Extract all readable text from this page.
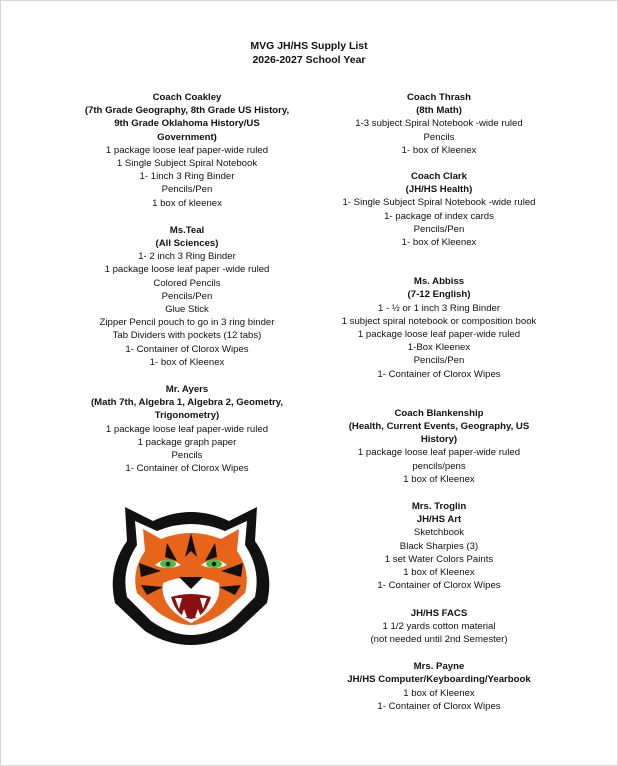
MVG JH/HS Supply List
2026-2027 School Year
Coach Coakley
(7th Grade Geography, 8th Grade US History,
9th Grade Oklahoma History/US
Government)
1 package loose leaf paper-wide ruled
1 Single Subject Spiral Notebook
1- 1inch 3 Ring Binder
Pencils/Pen
1 box of kleenex
Ms.Teal
(All Sciences)
1- 2 inch 3 Ring Binder
1 package loose leaf paper -wide ruled
Colored Pencils
Pencils/Pen
Glue Stick
Zipper Pencil pouch to go in 3 ring binder
Tab Dividers with pockets (12 tabs)
1- Container of Clorox Wipes
1- box of Kleenex
Mr. Ayers
(Math 7th, Algebra 1, Algebra 2, Geometry,
Trigonometry)
1 package loose leaf paper-wide ruled
1 package graph paper
Pencils
1- Container of Clorox Wipes
Coach Thrash
(8th Math)
1-3 subject Spiral Notebook -wide ruled
Pencils
1- box of Kleenex
Coach Clark
(JH/HS Health)
1- Single Subject Spiral Notebook -wide ruled
1- package of index cards
Pencils/Pen
1- box of Kleenex
Ms. Abbiss
(7-12 English)
1 - ½ or 1 inch 3 Ring Binder
1 subject spiral notebook or composition book
1 package loose leaf paper-wide ruled
1-Box Kleenex
Pencils/Pen
1- Container of Clorox Wipes
Coach Blankenship
(Health, Current Events, Geography, US
History)
1 package loose leaf paper-wide ruled
pencils/pens
1 box of Kleenex
Mrs. Troglin
JH/HS Art
Sketchbook
Black Sharpies (3)
1 set Water Colors Paints
1 box of Kleenex
1- Container of Clorox Wipes
JH/HS FACS
1 1/2 yards cotton material
(not needed until 2nd Semester)
Mrs. Payne
JH/HS Computer/Keyboarding/Yearbook
1 box of Kleenex
1- Container of Clorox Wipes
